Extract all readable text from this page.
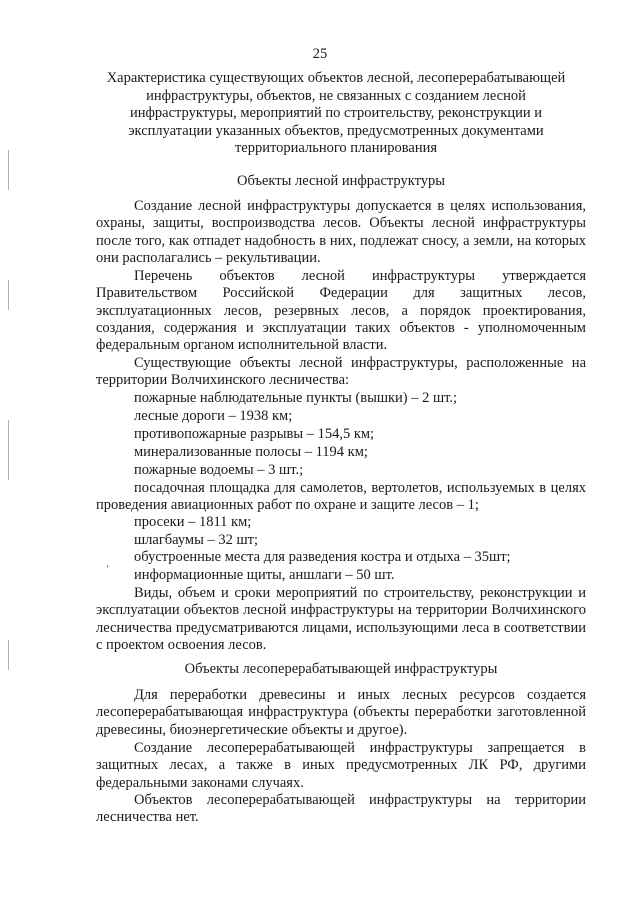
25
Характеристика существующих объектов лесной, лесоперерабатывающей инфраструктуры, объектов, не связанных с созданием лесной инфраструктуры, мероприятий по строительству, реконструкции и эксплуатации указанных объектов, предусмотренных документами территориального планирования
Объекты лесной инфраструктуры

Создание лесной инфраструктуры допускается в целях использования, охраны, защиты, воспроизводства лесов. Объекты лесной инфраструктуры после того, как отпадет надобность в них, подлежат сносу, а земли, на которых они располагались – рекультивации.

Перечень объектов лесной инфраструктуры утверждается Правительством Российской Федерации для защитных лесов, эксплуатационных лесов, резервных лесов, а порядок проектирования, создания, содержания и эксплуатации таких объектов - уполномоченным федеральным органом исполнительной власти.

Существующие объекты лесной инфраструктуры, расположенные на территории Волчихинского лесничества:

пожарные наблюдательные пункты (вышки) – 2 шт.;

лесные дороги – 1938 км;

противопожарные разрывы – 154,5 км;

минерализованные полосы – 1194 км;

пожарные водоемы – 3 шт.;

посадочная площадка для самолетов, вертолетов, используемых в целях проведения авиационных работ по охране и защите лесов – 1;

просеки – 1811 км;

шлагбаумы – 32 шт;

обустроенные места для разведения костра и отдыха – 35шт;

информационные щиты, аншлаги – 50 шт.

‘

Виды, объем и сроки мероприятий по строительству, реконструкции и эксплуатации объектов лесной инфраструктуры на территории Волчихинского лесничества предусматриваются лицами, использующими леса в соответствии с проектом освоения лесов.

Объекты лесоперерабатывающей инфраструктуры

Для переработки древесины и иных лесных ресурсов создается лесоперерабатывающая инфраструктура (объекты переработки заготовленной древесины, биоэнергетические объекты и другое).

Создание лесоперерабатывающей инфраструктуры запрещается в защитных лесах, а также в иных предусмотренных ЛК РФ, другими федеральными законами случаях.

Объектов лесоперерабатывающей инфраструктуры на территории лесничества нет.
